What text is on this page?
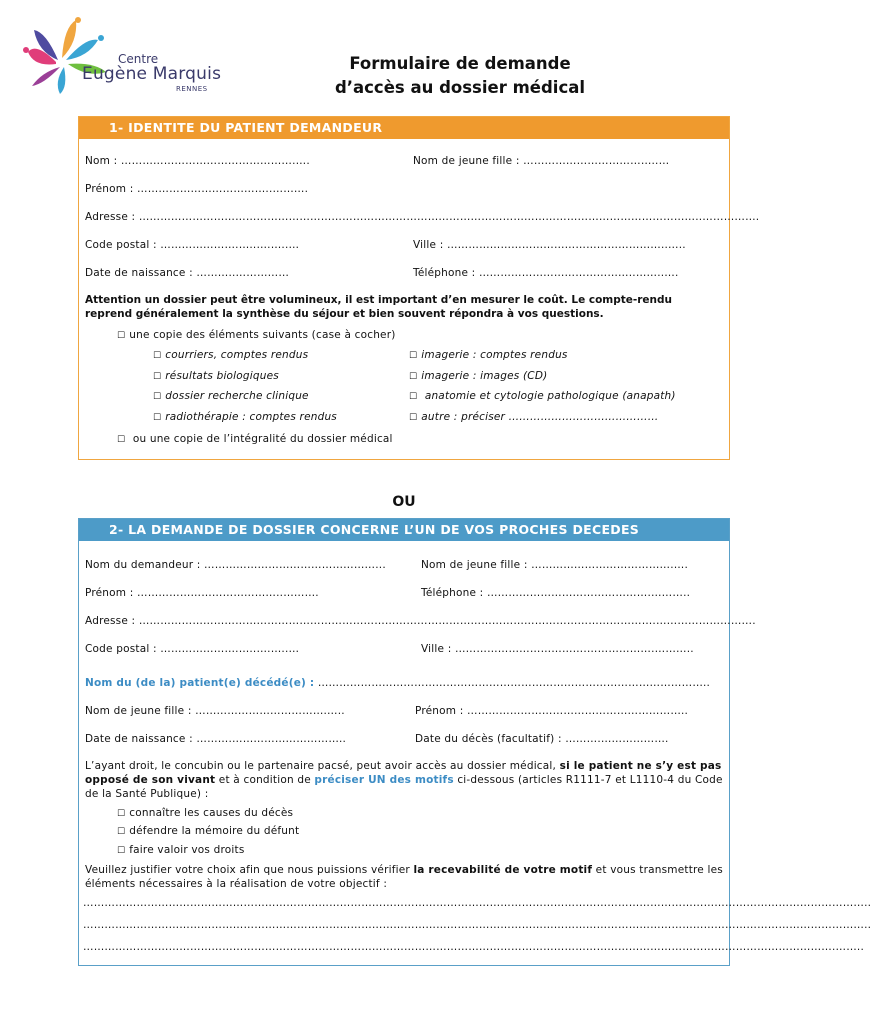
Centre
Eugène Marquis
RENNES
Formulaire de demande
d’accès au dossier médical
1- IDENTITE DU PATIENT DEMANDEUR
Nom : ………………………………………….….	Nom de jeune fille : ………………………………..…
Prénom : ………………………………..……….
Adresse : …………………………………………………………………………………………………………………………………………..…………….
Code postal : ………………….…..….…..…	Ville : ……………………………………………………..…..
Date de naissance : ………..……………	Téléphone : ……………………………………..……..….
Attention un dossier peut être volumineux, il est important d’en mesurer le coût. Le compte-rendu reprend généralement la synthèse du séjour et bien souvent répondra à vos questions.
☐ une copie des éléments suivants (case à cocher)
☐ courriers, comptes rendus	☐ imagerie : comptes rendus
☐ résultats biologiques	☐ imagerie : images (CD)
☐ dossier recherche clinique	☐ anatomie et cytologie pathologique (anapath)
☐ radiothérapie : comptes rendus	☐ autre : préciser ……………………………………
☐ ou une copie de l’intégralité du dossier médical
OU
2- LA DEMANDE DE DOSSIER CONCERNE L’UN DE VOS PROCHES DECEDES
Nom du demandeur : …………………………………………...	Nom de jeune fille : ………………………………….….
Prénom : …………………………………..……….	Téléphone : ……………………………………….………..
Adresse : ……………………………………………………………………………………………………………………………….……………………….
Code postal : ………………….…..….…..…	Ville : ……………………………….……………….………..
Nom du (de la) patient(e) décédé(e) : ………………………………………………………………………………………………..
Nom de jeune fille : ……………………………….…..	Prénom : ……………………………………………………..
Date de naissance : ……….…………………………..	Date du décès (facultatif) : ……….……………….
L’ayant droit, le concubin ou le partenaire pacsé, peut avoir accès au dossier médical, si le patient ne s’y est pas opposé de son vivant et à condition de préciser UN des motifs ci-dessous (articles R1111-7 et L1110-4 du Code de la Santé Publique) :
☐ connaître les causes du décès
☐ défendre la mémoire du défunt
☐ faire valoir vos droits
Veuillez justifier votre choix afin que nous puissions vérifier la recevabilité de votre motif et vous transmettre les éléments nécessaires à la réalisation de votre objectif :
…………………………………………………………………………………………………………………………………………………………………………………………………..
…………………………………………………………………………………………………………………………………………………………………………………………………..
………………………………………………………………………………………………………………………………………………………………………………………….……..
